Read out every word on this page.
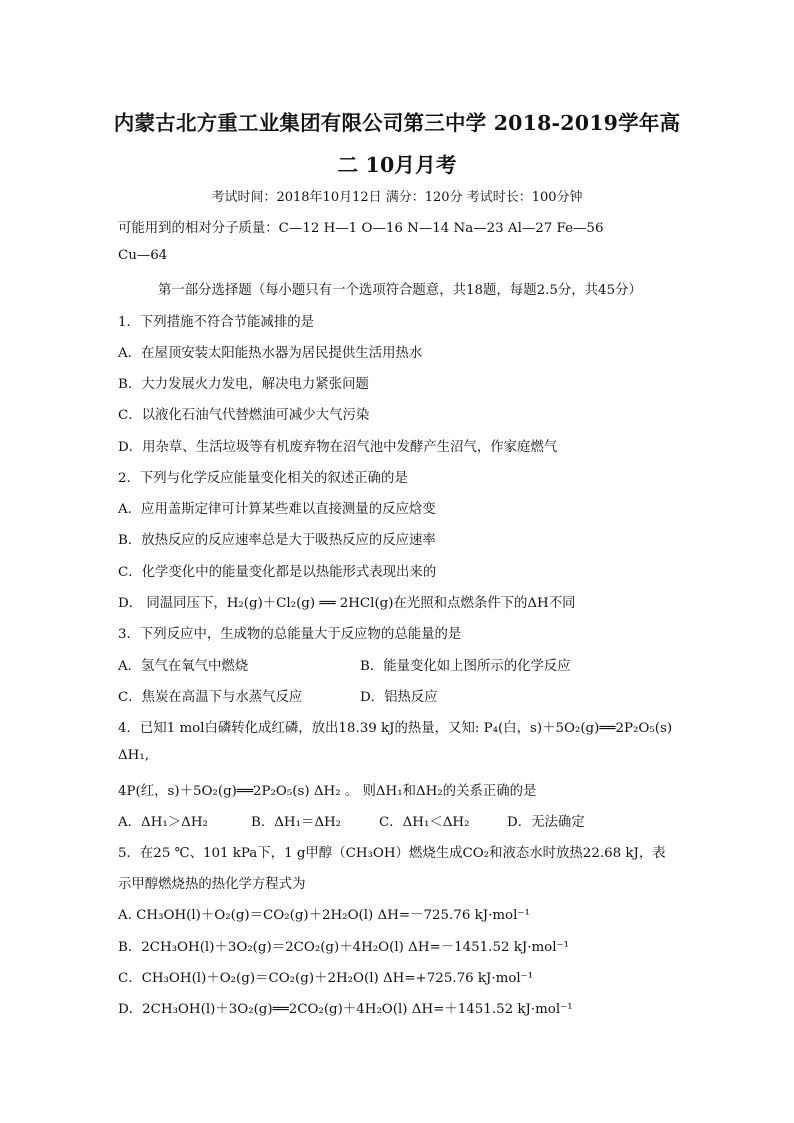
内蒙古北方重工业集团有限公司第三中学 2018-2019学年高
二 10月月考
考试时间：2018年10月12日 满分：120分 考试时长：100分钟
可能用到的相对分子质量：C—12 H—1 O—16 N—14 Na—23 Al—27 Fe—56
Cu—64
第一部分选择题（每小题只有一个选项符合题意，共18题，每题2.5分，共45分）
1．下列措施不符合节能减排的是
A．在屋顶安装太阳能热水器为居民提供生活用热水
B．大力发展火力发电，解决电力紧张问题
C．以液化石油气代替燃油可减少大气污染
D．用杂草、生活垃圾等有机废弃物在沼气池中发酵产生沼气，作家庭燃气
2．下列与化学反应能量变化相关的叙述正确的是
A．应用盖斯定律可计算某些难以直接测量的反应焓变
B．放热反应的反应速率总是大于吸热反应的反应速率
C．化学变化中的能量变化都是以热能形式表现出来的
D． 同温同压下，H₂(g)＋Cl₂(g) ══ 2HCl(g)在光照和点燃条件下的ΔH不同
3．下列反应中，生成物的总能量大于反应物的总能量的是
A．氢气在氧气中燃烧	B．能量变化如上图所示的化学反应
C．焦炭在高温下与水蒸气反应	D．铝热反应
4．已知1 mol白磷转化成红磷，放出18.39 kJ的热量，又知: P₄(白，s)＋5O₂(g)══2P₂O₅(s)
ΔH₁,
4P(红，s)＋5O₂(g)══2P₂O₅(s) ΔH₂ 。 则ΔH₁和ΔH₂的关系正确的是
A．ΔH₁＞ΔH₂	B．ΔH₁＝ΔH₂	C．ΔH₁＜ΔH₂	D．无法确定
5．在25 ℃、101 kPa下，1 g甲醇（CH₃OH）燃烧生成CO₂和液态水时放热22.68 kJ，表
示甲醇燃烧热的热化学方程式为
A. CH₃OH(l)＋O₂(g)＝CO₂(g)＋2H₂O(l) ΔH=－725.76 kJ·mol⁻¹
B．2CH₃OH(l)＋3O₂(g)＝2CO₂(g)＋4H₂O(l) ΔH=－1451.52 kJ·mol⁻¹
C．CH₃OH(l)＋O₂(g)＝CO₂(g)＋2H₂O(l) ΔH=+725.76 kJ·mol⁻¹
D．2CH₃OH(l)＋3O₂(g)══2CO₂(g)＋4H₂O(l) ΔH=＋1451.52 kJ·mol⁻¹
